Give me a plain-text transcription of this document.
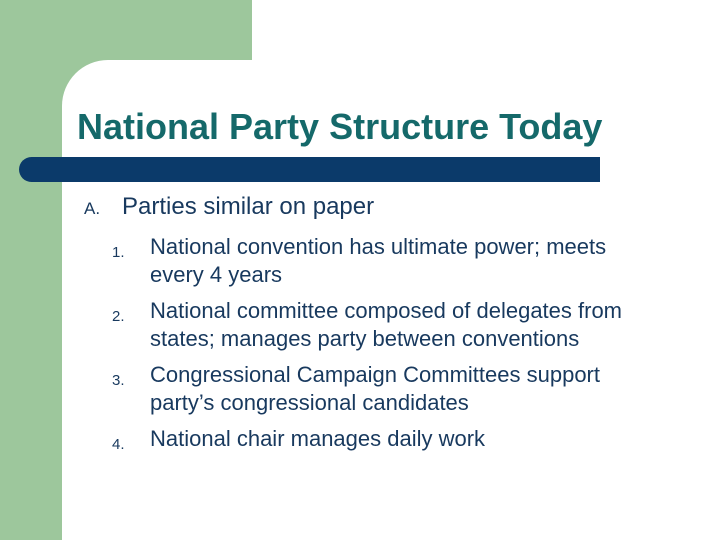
National Party Structure Today
A. Parties similar on paper
1.	National convention has ultimate power; meets
every 4 years
2.	National committee composed of delegates from
states; manages party between conventions
3.	Congressional Campaign Committees support
party’s congressional candidates
4.	National chair manages daily work
